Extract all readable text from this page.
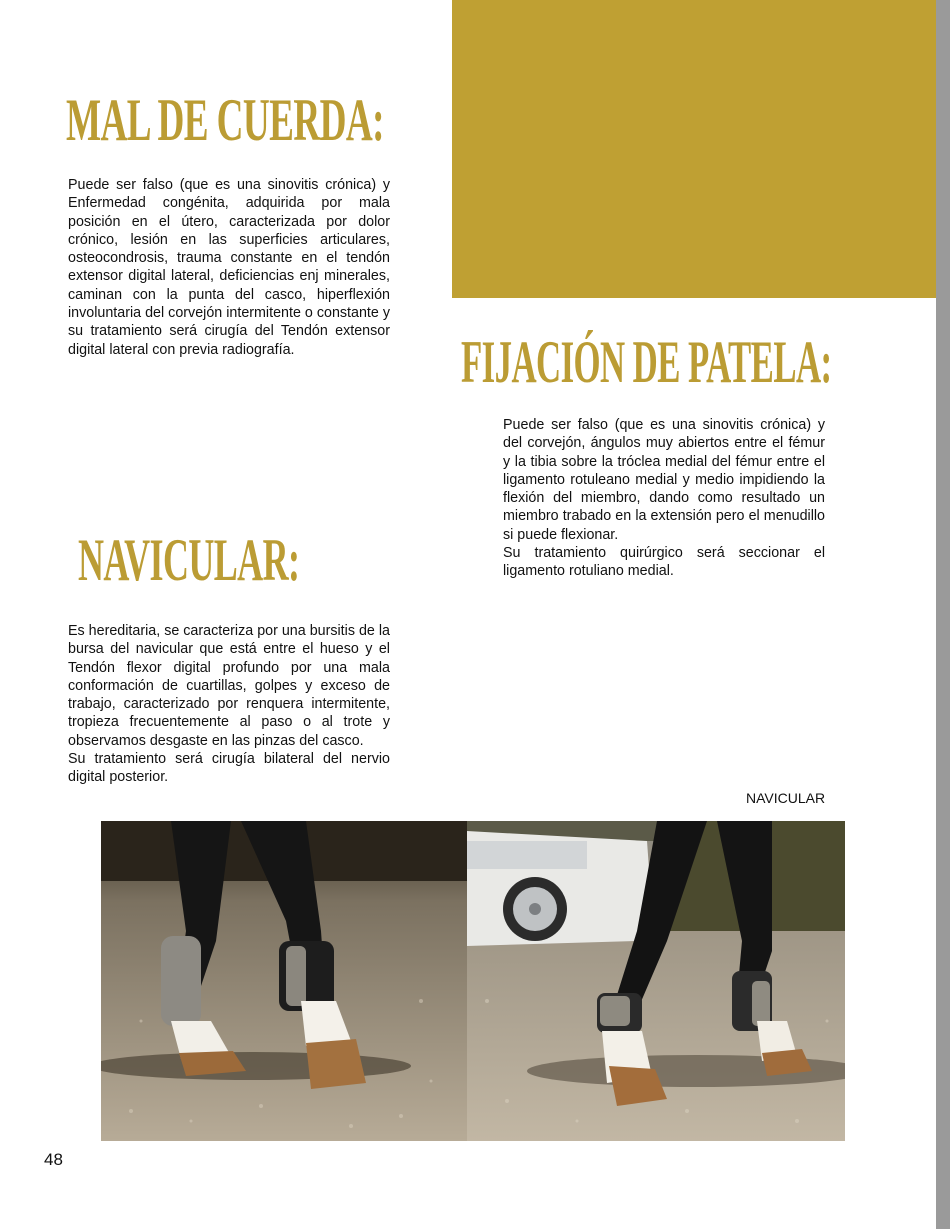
MAL DE CUERDA:

Puede ser falso (que es una sinovitis crónica) y Enfermedad congénita, adquirida por mala posición en el útero, caracterizada por dolor crónico, lesión en las superficies articulares, osteocondrosis, trauma constante en el tendón extensor digital lateral, deficiencias enj minerales, caminan con la punta del casco, hiperflexión involuntaria del corvejón intermitente o constante y su tratamiento será cirugía del Tendón extensor digital lateral con previa radiografía.	FIJACIÓN DE PATELA:

Puede ser falso (que es una sinovitis crónica) y del corvejón, ángulos muy abiertos entre el fémur y la tibia sobre la tróclea medial del fémur entre el ligamento rotuleano medial y medio impidiendo la flexión del miembro, dando como resultado un miembro trabado en la extensión pero el menudillo si puede flexionar.

Su tratamiento quirúrgico será seccionar el ligamento rotuliano medial.

NAVICULAR:

Es hereditaria, se caracteriza por una bursitis de la bursa del navicular que está entre el hueso y el Tendón flexor digital profundo por una mala conformación de cuartillas, golpes y exceso de trabajo, caracterizado por renquera intermitente, tropieza frecuentemente al paso o al trote y observamos desgaste en las pinzas del casco.

Su tratamiento será cirugía bilateral del nervio digital posterior.

NAVICULAR
48
